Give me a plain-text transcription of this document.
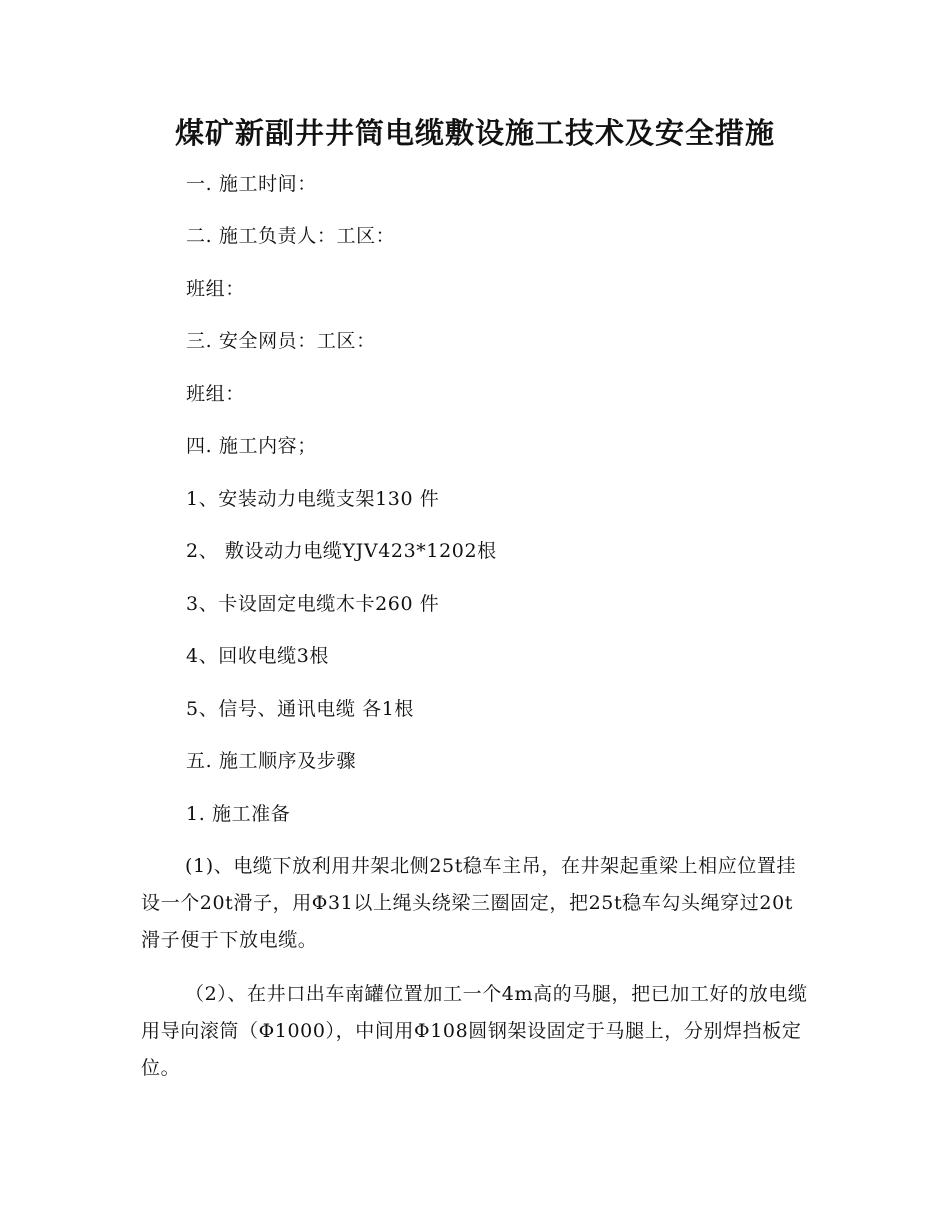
煤矿新副井井筒电缆敷设施工技术及安全措施
一. 施工时间：
二. 施工负责人：工区：
班组：
三. 安全网员：工区：
班组：
四. 施工内容；
1、安装动力电缆支架130 件
2、 敷设动力电缆YJV423*1202根
3、卡设固定电缆木卡260 件
4、回收电缆3根
5、信号、通讯电缆 各1根
五. 施工顺序及步骤
1. 施工准备

(1)、电缆下放利用井架北侧25t稳车主吊，在井架起重梁上相应位置挂设一个20t滑子，用Φ31以上绳头绕梁三圈固定，把25t稳车勾头绳穿过20t滑子便于下放电缆。

（2）、在井口出车南罐位置加工一个4m高的马腿，把已加工好的放电缆用导向滚筒（Φ1000），中间用Φ108圆钢架设固定于马腿上，分别焊挡板定位。
